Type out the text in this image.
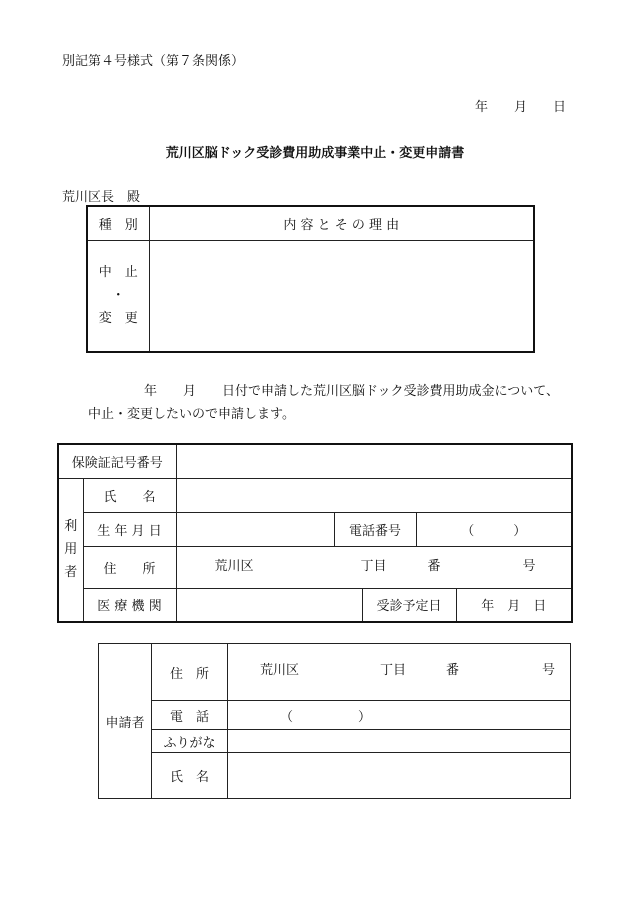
別記第４号様式（第７条関係）
年　　月　　日
荒川区脳ドック受診費用助成事業中止・変更申請書
荒川区長　殿
種　別	内 容 と そ の 理 由

中　止
・
変　更	

年　　月　　日付で申請した荒川区脳ドック受診費用助成金について、
中止・変更したいので申請します。
保険証記号番号						

利
用
者	氏　　名					
	生 年 月 日		電話番号		（　　　）	
	住　　所	荒川区 丁目 番 号				

	医 療 機 関			受診予定日		年　月　日
申請者	住　所	荒川区 丁目 番 号

	電　話	（　　　　　）
	ふりがな	
	氏　名	
